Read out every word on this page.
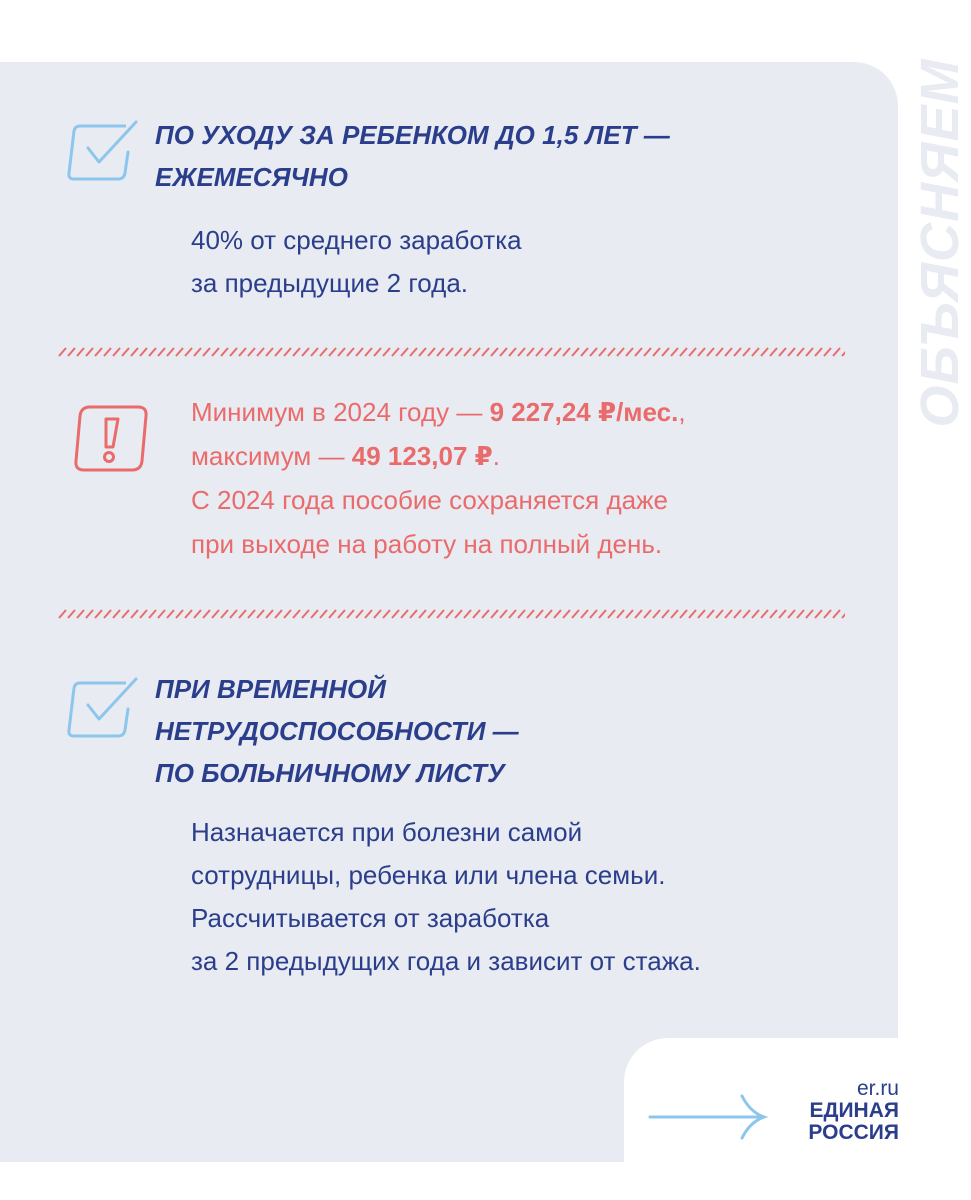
ОБЪЯСНЯЕМ
ПО УХОДУ ЗА РЕБЕНКОМ ДО 1,5 ЛЕТ —
ЕЖЕМЕСЯЧНО

40% от среднего заработка
за предыдущие 2 года.

Минимум в 2024 году — 9 227,24 ₽/мес.,
максимум — 49 123,07 ₽.
С 2024 года пособие сохраняется даже
при выходе на работу на полный день.
ПРИ ВРЕМЕННОЙ
НЕТРУДОСПОСОБНОСТИ —
ПО БОЛЬНИЧНОМУ ЛИСТУ

Назначается при болезни самой
сотрудницы, ребенка или члена семьи.
Рассчитывается от заработка
за 2 предыдущих года и зависит от стажа.

er.ru
ЕДИНАЯ
РОССИЯ
